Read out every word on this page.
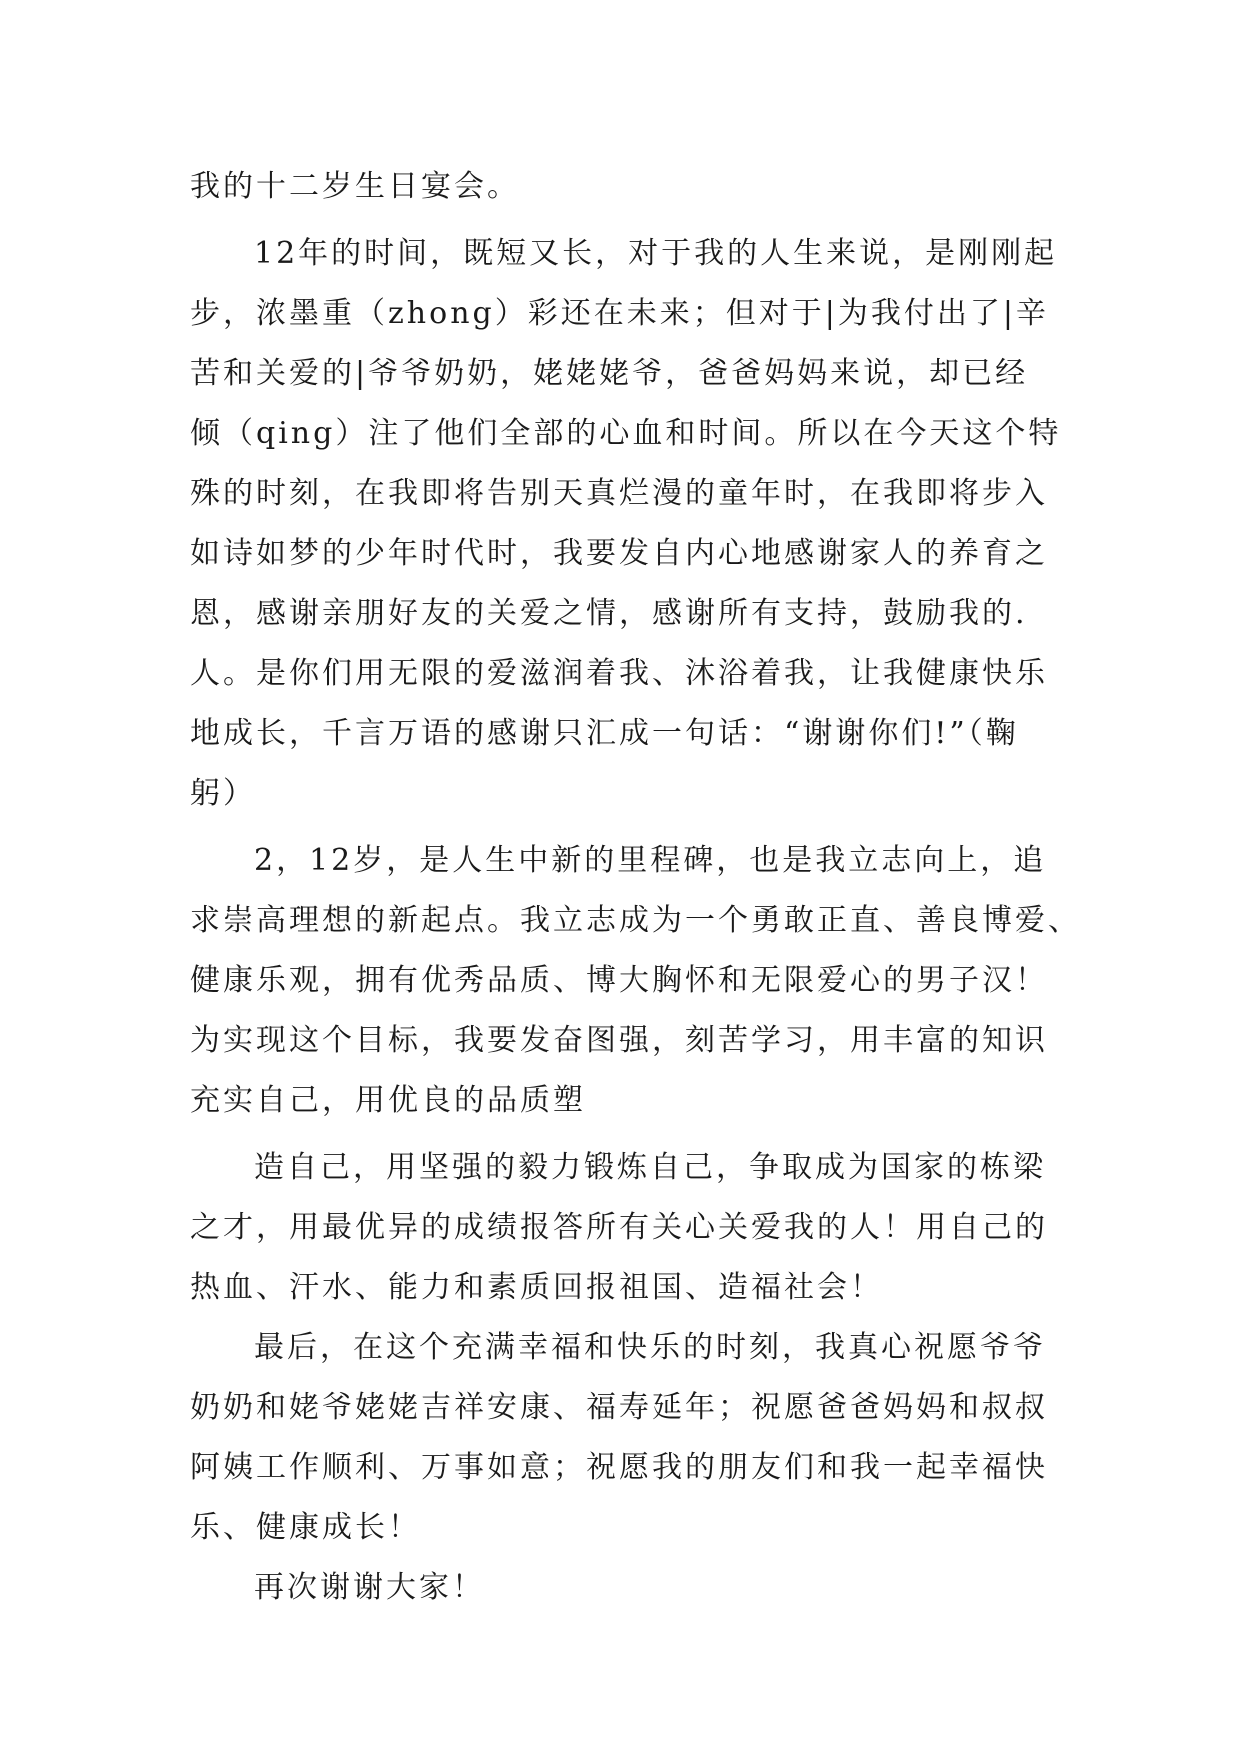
我的十二岁生日宴会。
12年的时间，既短又长，对于我的人生来说，是刚刚起
步，浓墨重（zhong）彩还在未来；但对于|为我付出了|辛
苦和关爱的|爷爷奶奶，姥姥姥爷，爸爸妈妈来说，却已经
倾（qing）注了他们全部的心血和时间。所以在今天这个特
殊的时刻，在我即将告别天真烂漫的童年时，在我即将步入
如诗如梦的少年时代时，我要发自内心地感谢家人的养育之
恩，感谢亲朋好友的关爱之情，感谢所有支持，鼓励我的.
人。是你们用无限的爱滋润着我、沐浴着我，让我健康快乐
地成长，千言万语的感谢只汇成一句话：“谢谢你们!”（鞠
躬）
2，12岁，是人生中新的里程碑，也是我立志向上，追
求崇高理想的新起点。我立志成为一个勇敢正直、善良博爱、
健康乐观，拥有优秀品质、博大胸怀和无限爱心的男子汉！
为实现这个目标，我要发奋图强，刻苦学习，用丰富的知识
充实自己，用优良的品质塑
造自己，用坚强的毅力锻炼自己，争取成为国家的栋梁
之才，用最优异的成绩报答所有关心关爱我的人！用自己的
热血、汗水、能力和素质回报祖国、造福社会！
最后，在这个充满幸福和快乐的时刻，我真心祝愿爷爷
奶奶和姥爷姥姥吉祥安康、福寿延年；祝愿爸爸妈妈和叔叔
阿姨工作顺利、万事如意；祝愿我的朋友们和我一起幸福快
乐、健康成长！
再次谢谢大家！
